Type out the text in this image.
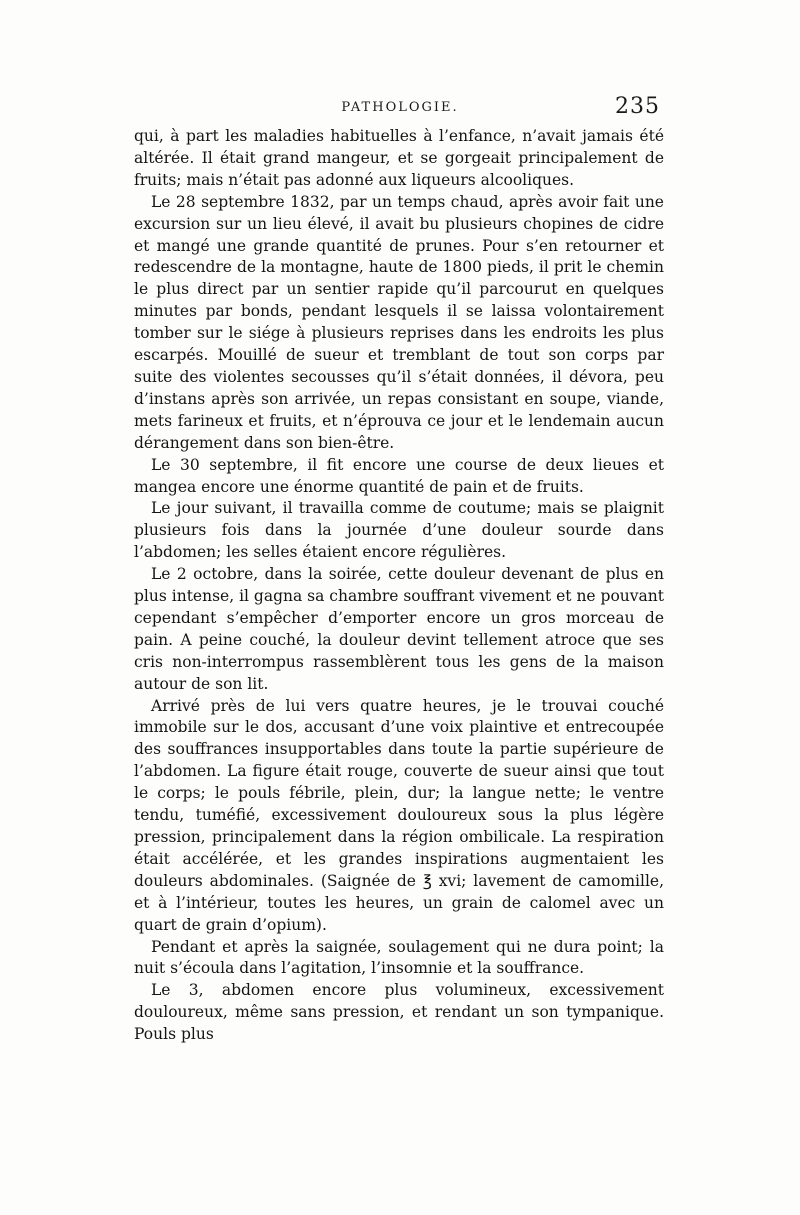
PATHOLOGIE.	235

qui, à part les maladies habituelles à l’enfance, n’avait jamais été altérée. Il était grand mangeur, et se gorgeait principalement de fruits; mais n’était pas adonné aux liqueurs alcooliques.

Le 28 septembre 1832, par un temps chaud, après avoir fait une excursion sur un lieu élevé, il avait bu plusieurs chopines de cidre et mangé une grande quantité de prunes. Pour s’en retourner et redescendre de la montagne, haute de 1800 pieds, il prit le chemin le plus direct par un sentier rapide qu’il parcourut en quelques minutes par bonds, pendant lesquels il se laissa volontairement tomber sur le siége à plusieurs reprises dans les endroits les plus escarpés. Mouillé de sueur et tremblant de tout son corps par suite des violentes secousses qu’il s’était données, il dévora, peu d’instans après son arrivée, un repas consistant en soupe, viande, mets farineux et fruits, et n’éprouva ce jour et le lendemain aucun dérangement dans son bien-être.

Le 30 septembre, il fit encore une course de deux lieues et mangea encore une énorme quantité de pain et de fruits.

Le jour suivant, il travailla comme de coutume; mais se plaignit plusieurs fois dans la journée d’une douleur sourde dans l’abdomen; les selles étaient encore régulières.

Le 2 octobre, dans la soirée, cette douleur devenant de plus en plus intense, il gagna sa chambre souffrant vivement et ne pouvant cependant s’empêcher d’emporter encore un gros morceau de pain. A peine couché, la douleur devint tellement atroce que ses cris non-interrompus rassemblèrent tous les gens de la maison autour de son lit.

Arrivé près de lui vers quatre heures, je le trouvai couché immobile sur le dos, accusant d’une voix plaintive et entrecoupée des souffrances insupportables dans toute la partie supérieure de l’abdomen. La figure était rouge, couverte de sueur ainsi que tout le corps; le pouls fébrile, plein, dur; la langue nette; le ventre tendu, tuméfié, excessivement douloureux sous la plus légère pression, principalement dans la région ombilicale. La respiration était accélérée, et les grandes inspirations augmentaient les douleurs abdominales. (Saignée de ℥ xvi; lavement de camomille, et à l’intérieur, toutes les heures, un grain de calomel avec un quart de grain d’opium).

Pendant et après la saignée, soulagement qui ne dura point; la nuit s’écoula dans l’agitation, l’insomnie et la souffrance.

Le 3, abdomen encore plus volumineux, excessivement douloureux, même sans pression, et rendant un son tympanique. Pouls plus
